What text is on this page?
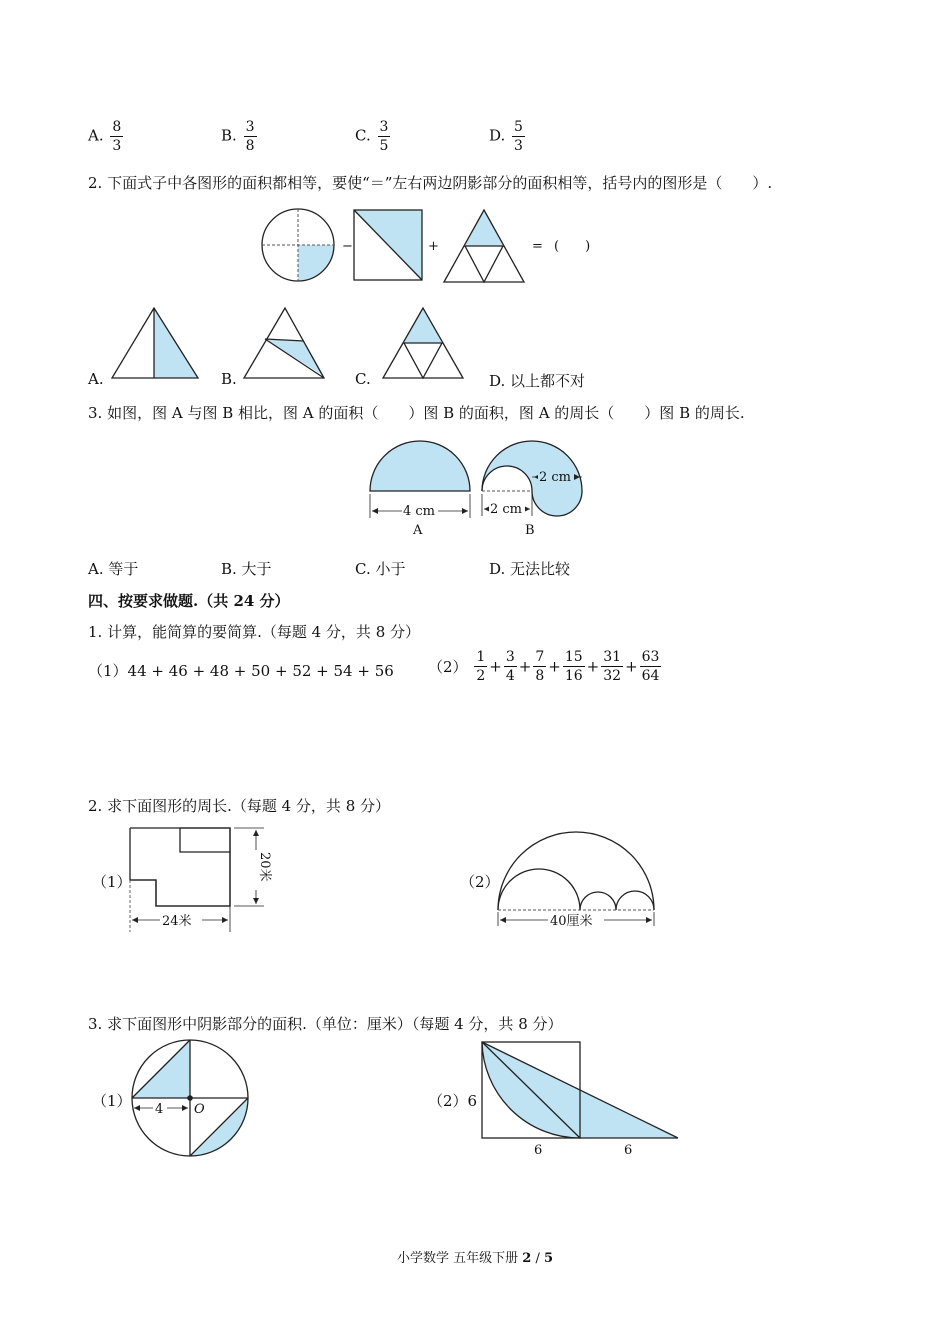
A. $\frac{8}{3}$	B. $\frac{3}{8}$	C. $\frac{3}{5}$	D. $\frac{5}{3}$
2. 下面式子中各图形的面积都相等，要使“＝”左右两边阴影部分的面积相等，括号内的图形是（　　）.
−	+	= (　　)
A.	B.	C.	D. 以上都不对
3. 如图，图 A 与图 B 相比，图 A 的面积（　　）图 B 的面积，图 A 的周长（　　）图 B 的周长.
4 cm
A
2 cm
2 cm
B
A. 等于	B. 大于	C. 小于	D. 无法比较
四、按要求做题.（共 24 分）
1. 计算，能简算的要简算.（每题 4 分，共 8 分）
（1）44 + 46 + 48 + 50 + 52 + 54 + 56 $(2) \frac{1}{2} + \frac{3}{4} + \frac{7}{8} + \frac{15}{16} + \frac{31}{32} + \frac{63}{64}$
2. 求下面图形的周长.（每题 4 分，共 8 分）
（1）
24米
20米
（2）
40厘米
3. 求下面图形中阴影部分的面积.（单位：厘米）（每题 4 分，共 8 分）
（1） 4 O	（2）6
6	6
小学数学 五年级下册 2 / 5
